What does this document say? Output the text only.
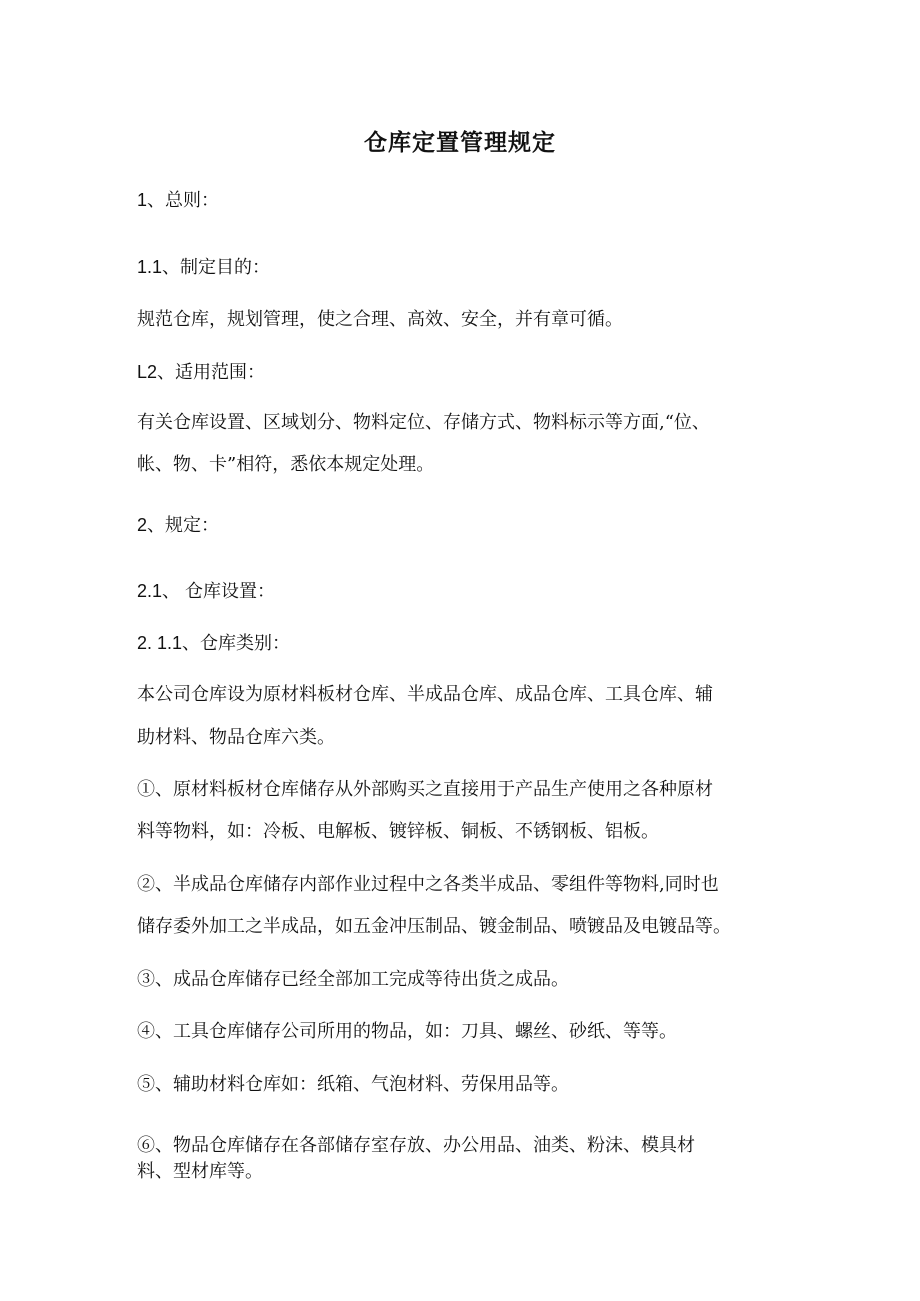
仓库定置管理规定
1、总则：
1.1、制定目的：
规范仓库，规划管理，使之合理、高效、安全，并有章可循。
L2、适用范围：
有关仓库设置、区域划分、物料定位、存储方式、物料标示等方面,“位、
帐、物、卡”相符，悉依本规定处理。
2、规定：
2.1、 仓库设置：
2. 1.1、仓库类别：
本公司仓库设为原材料板材仓库、半成品仓库、成品仓库、工具仓库、辅
助材料、物品仓库六类。
①、原材料板材仓库储存从外部购买之直接用于产品生产使用之各种原材
料等物料，如：冷板、电解板、镀锌板、铜板、不锈钢板、铝板。
②、半成品仓库储存内部作业过程中之各类半成品、零组件等物料,同时也
储存委外加工之半成品，如五金冲压制品、镀金制品、喷镀品及电镀品等。
③、成品仓库储存已经全部加工完成等待出货之成品。
④、工具仓库储存公司所用的物品，如：刀具、螺丝、砂纸、等等。
⑤、辅助材料仓库如：纸箱、气泡材料、劳保用品等。
⑥、物品仓库储存在各部储存室存放、办公用品、油类、粉沫、模具材
料、型材库等。
